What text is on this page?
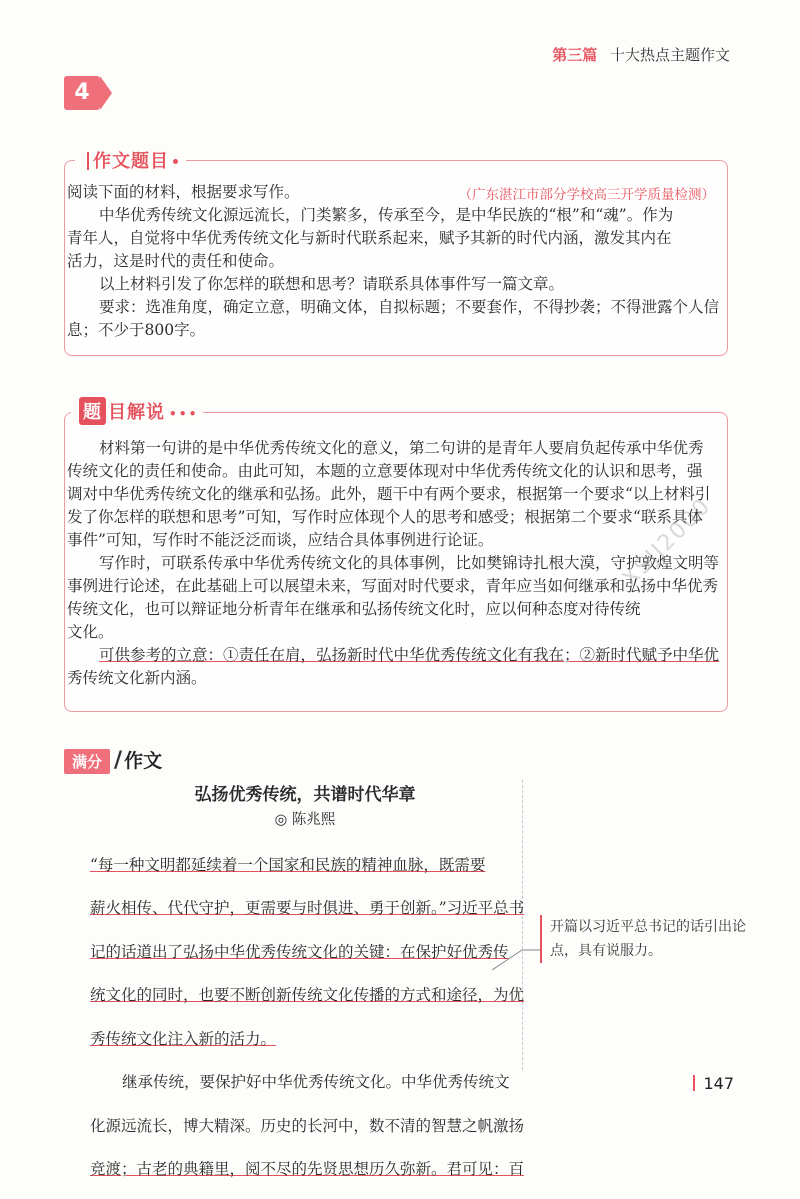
第三篇 十大热点主题作文
4
作文题目

阅读下面的材料，根据要求写作。

中华优秀传统文化源远流长，门类繁多，传承至今，是中华民族的“根”和“魂”。作为

青年人，自觉将中华优秀传统文化与新时代联系起来，赋予其新的时代内涵，激发其内在

活力，这是时代的责任和使命。

以上材料引发了你怎样的联想和思考？请联系具体事件写一篇文章。

要求：选准角度，确定立意，明确文体，自拟标题；不要套作，不得抄袭；不得泄露个人信

息；不少于800字。

（广东湛江市部分学校高三开学质量检测）
题 目解说 • • •

材料第一句讲的是中华优秀传统文化的意义，第二句讲的是青年人要肩负起传承中华优秀

传统文化的责任和使命。由此可知，本题的立意要体现对中华优秀传统文化的认识和思考，强

调对中华优秀传统文化的继承和弘扬。此外，题干中有两个要求，根据第一个要求“以上材料引

发了你怎样的联想和思考”可知，写作时应体现个人的思考和感受；根据第二个要求“联系具体

事件”可知，写作时不能泛泛而谈，应结合具体事例进行论证。

写作时，可联系传承中华优秀传统文化的具体事例，比如樊锦诗扎根大漠，守护敦煌文明等

事例进行论述，在此基础上可以展望未来，写面对时代要求，青年应当如何继承和弘扬中华优秀

传统文化，也可以辩证地分析青年在继承和弘扬传统文化时，应以何种态度对待传统

文化。

可供参考的立意：①责任在肩，弘扬新时代中华优秀传统文化有我在；②新时代赋予中华优

秀传统文化新内涵。

满分 / 作文
弘扬优秀传统，共谱时代华章
◎ 陈兆熙

“每一种文明都延续着一个国家和民族的精神血脉，既需要

薪火相传、代代守护，更需要与时俱进、勇于创新。”习近平总书

记的话道出了弘扬中华优秀传统文化的关键：在保护好优秀传

统文化的同时，也要不断创新传统文化传播的方式和途径，为优

秀传统文化注入新的活力。

继承传统，要保护好中华优秀传统文化。中华优秀传统文

化源远流长，博大精深。历史的长河中，数不清的智慧之帆激扬

竞渡；古老的典籍里，阅不尽的先贤思想历久弥新。君可见：百

开篇以习近平总书记的话引出论点，具有说服力。
147
XSJJ2000
